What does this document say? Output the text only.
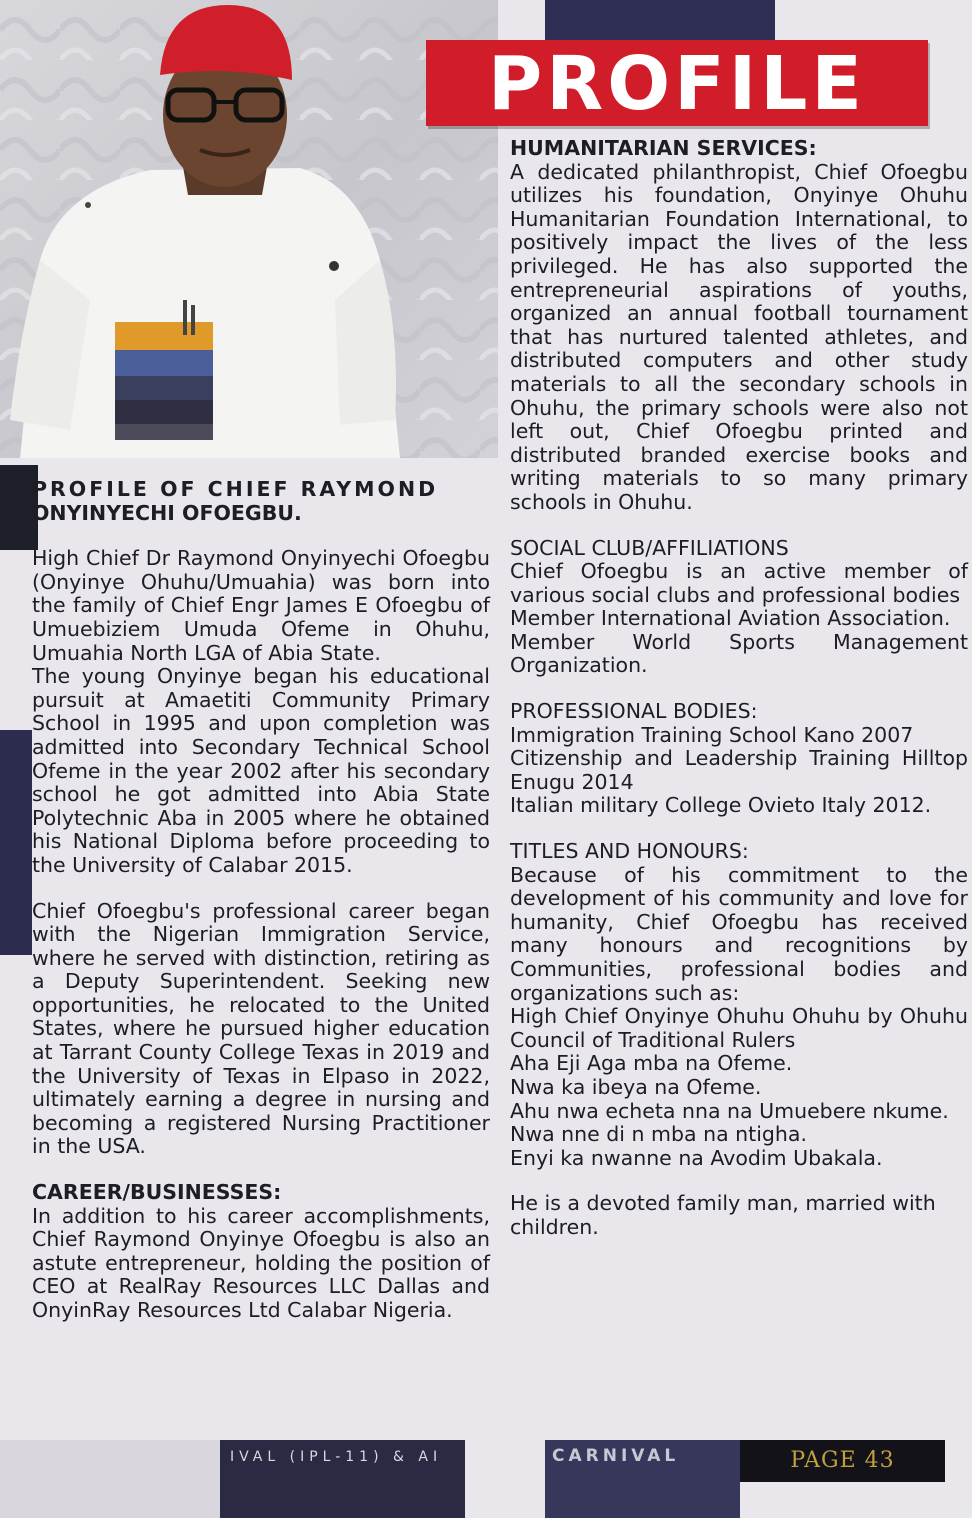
PROFILE

PROFILE OF CHIEF RAYMOND

ONYINYECHI OFOEGBU.

High Chief Dr Raymond Onyinyechi Ofoegbu (Onyinye Ohuhu/Umuahia) was born into the family of Chief Engr James E Ofoegbu of Umuebiziem Umuda Ofeme in Ohuhu, Umuahia North LGA of Abia State.

The young Onyinye began his educational pursuit at Amaetiti Community Primary School in 1995 and upon completion was admitted into Secondary Technical School Ofeme in the year 2002 after his secondary school he got admitted into Abia State Polytechnic Aba in 2005 where he obtained his National Diploma before proceeding to the University of Calabar 2015.

Chief Ofoegbu's professional career began with the Nigerian Immigration Service, where he served with distinction, retiring as a Deputy Superintendent. Seeking new opportunities, he relocated to the United States, where he pursued higher education at Tarrant County College Texas in 2019 and the University of Texas in Elpaso in 2022, ultimately earning a degree in nursing and becoming a registered Nursing Practitioner in the USA.

CAREER/BUSINESSES:

In addition to his career accomplishments, Chief Raymond Onyinye Ofoegbu is also an astute entrepreneur, holding the position of CEO at RealRay Resources LLC Dallas and OnyinRay Resources Ltd Calabar Nigeria.

HUMANITARIAN SERVICES:

A dedicated philanthropist, Chief Ofoegbu utilizes his foundation, Onyinye Ohuhu Humanitarian Foundation International, to positively impact the lives of the less privileged. He has also supported the entrepreneurial aspirations of youths, organized an annual football tournament that has nurtured talented athletes, and distributed computers and other study materials to all the secondary schools in Ohuhu, the primary schools were also not left out, Chief Ofoegbu printed and distributed branded exercise books and writing materials to so many primary schools in Ohuhu.

SOCIAL CLUB/AFFILIATIONS

Chief Ofoegbu is an active member of various social clubs and professional bodies

Member International Aviation Association.

Member World Sports Management Organization.

PROFESSIONAL BODIES:

Immigration Training School Kano 2007

Citizenship and Leadership Training Hilltop Enugu 2014

Italian military College Ovieto Italy 2012.

TITLES AND HONOURS:

Because of his commitment to the development of his community and love for humanity, Chief Ofoegbu has received many honours and recognitions by Communities, professional bodies and organizations such as:

High Chief Onyinye Ohuhu Ohuhu by Ohuhu Council of Traditional Rulers

Aha Eji Aga mba na Ofeme.

Nwa ka ibeya na Ofeme.

Ahu nwa echeta nna na Umuebere nkume.

Nwa nne di n mba na ntigha.

Enyi ka nwanne na Avodim Ubakala.

He is a devoted family man, married with children.

IVAL (IPL-11) & AI	CARNIVAL	PAGE 43
